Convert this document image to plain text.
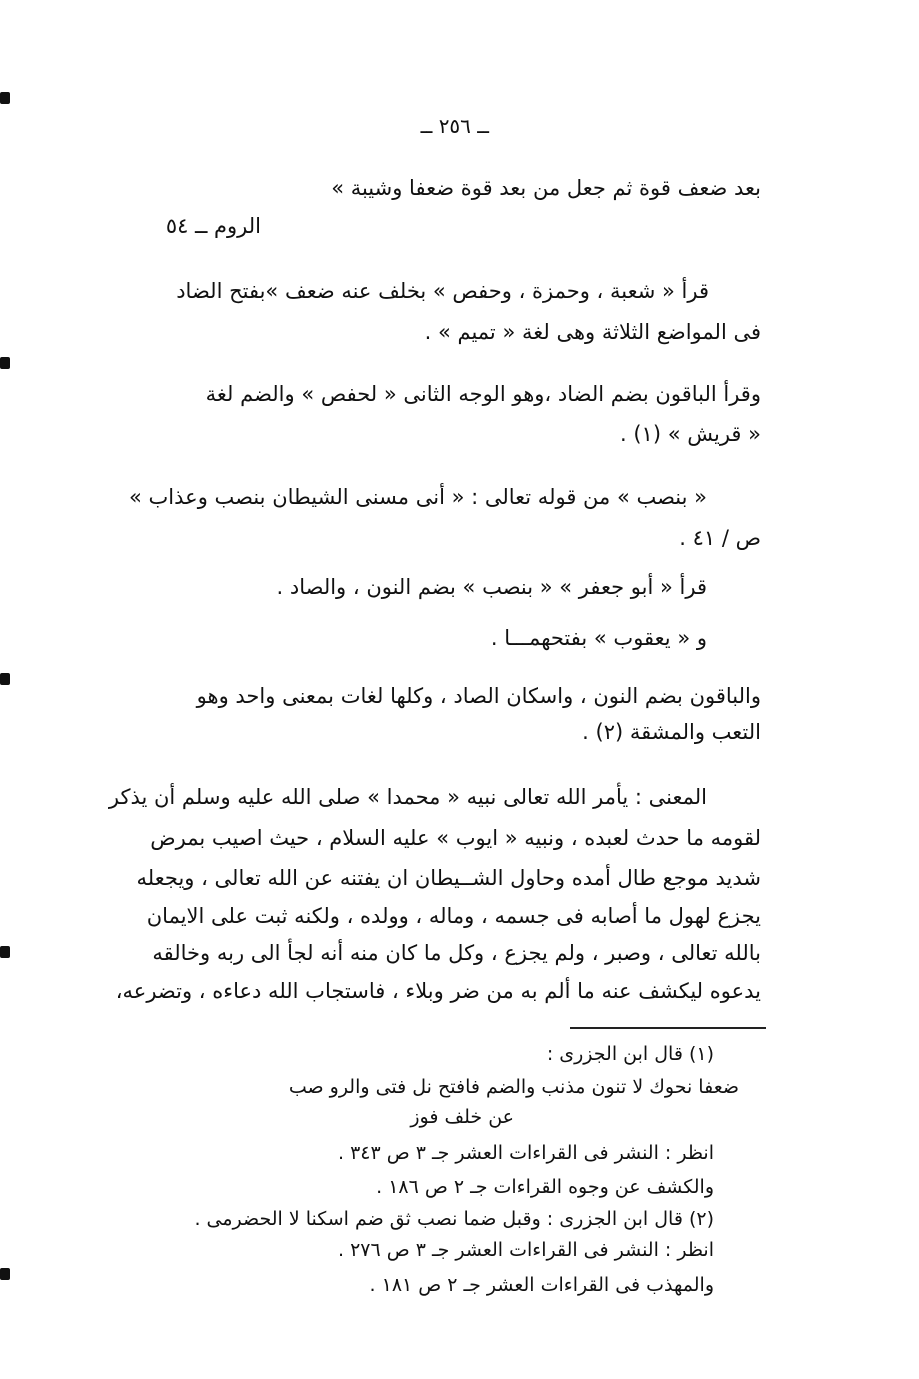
ــ ٢٥٦ ــ
بعد ضعف قوة ثم جعل من بعد قوة ضعفا وشيبة »
الروم ــ ٥٤
قرأ « شعبة ، وحمزة ، وحفص » بخلف عنه ضعف »بفتح الضاد
فى المواضع الثلاثة وهى لغة « تميم » .
وقرأ الباقون بضم الضاد ،وهو الوجه الثانى « لحفص » والضم لغة
« قريش » (١) .
« بنصب » من قوله تعالى : « أنى مسنى الشيطان بنصب وعذاب »
ص / ٤١ .
قرأ « أبو جعفر » « بنصب » بضم النون ، والصاد .
و « يعقوب » بفتحهمـــا .
والباقون بضم النون ، واسكان الصاد ، وكلها لغات بمعنى واحد وهو
التعب والمشقة (٢) .
المعنى : يأمر الله تعالى نبيه « محمدا » صلى الله عليه وسلم أن يذكر
لقومه ما حدث لعبده ، ونبيه « ايوب » عليه السلام ، حيث اصيب بمرض
شديد موجع طال أمده وحاول الشــيطان ان يفتنه عن الله تعالى ، ويجعله
يجزع لهول ما أصابه فى جسمه ، وماله ، وولده ، ولكنه ثبت على الايمان
بالله تعالى ، وصبر ، ولم يجزع ، وكل ما كان منه أنه لجأ الى ربه وخالقه
يدعوه ليكشف عنه ما ألم به من ضر وبلاء ، فاستجاب الله دعاءه ، وتضرعه،
(١) قال ابن الجزرى :
ضعفا نحوك لا تنون مذنب والضم فافتح نل فتى والرو صب
عن خلف فوز
انظر : النشر فى القراءات العشر جـ ٣ ص ٣٤٣ .
والكشف عن وجوه القراءات جـ ٢ ص ١٨٦ .
(٢) قال ابن الجزرى : وقبل ضما نصب ثق ضم اسكنا لا الحضرمى .
انظر : النشر فى القراءات العشر جـ ٣ ص ٢٧٦ .
والمهذب فى القراءات العشر جـ ٢ ص ١٨١ .
